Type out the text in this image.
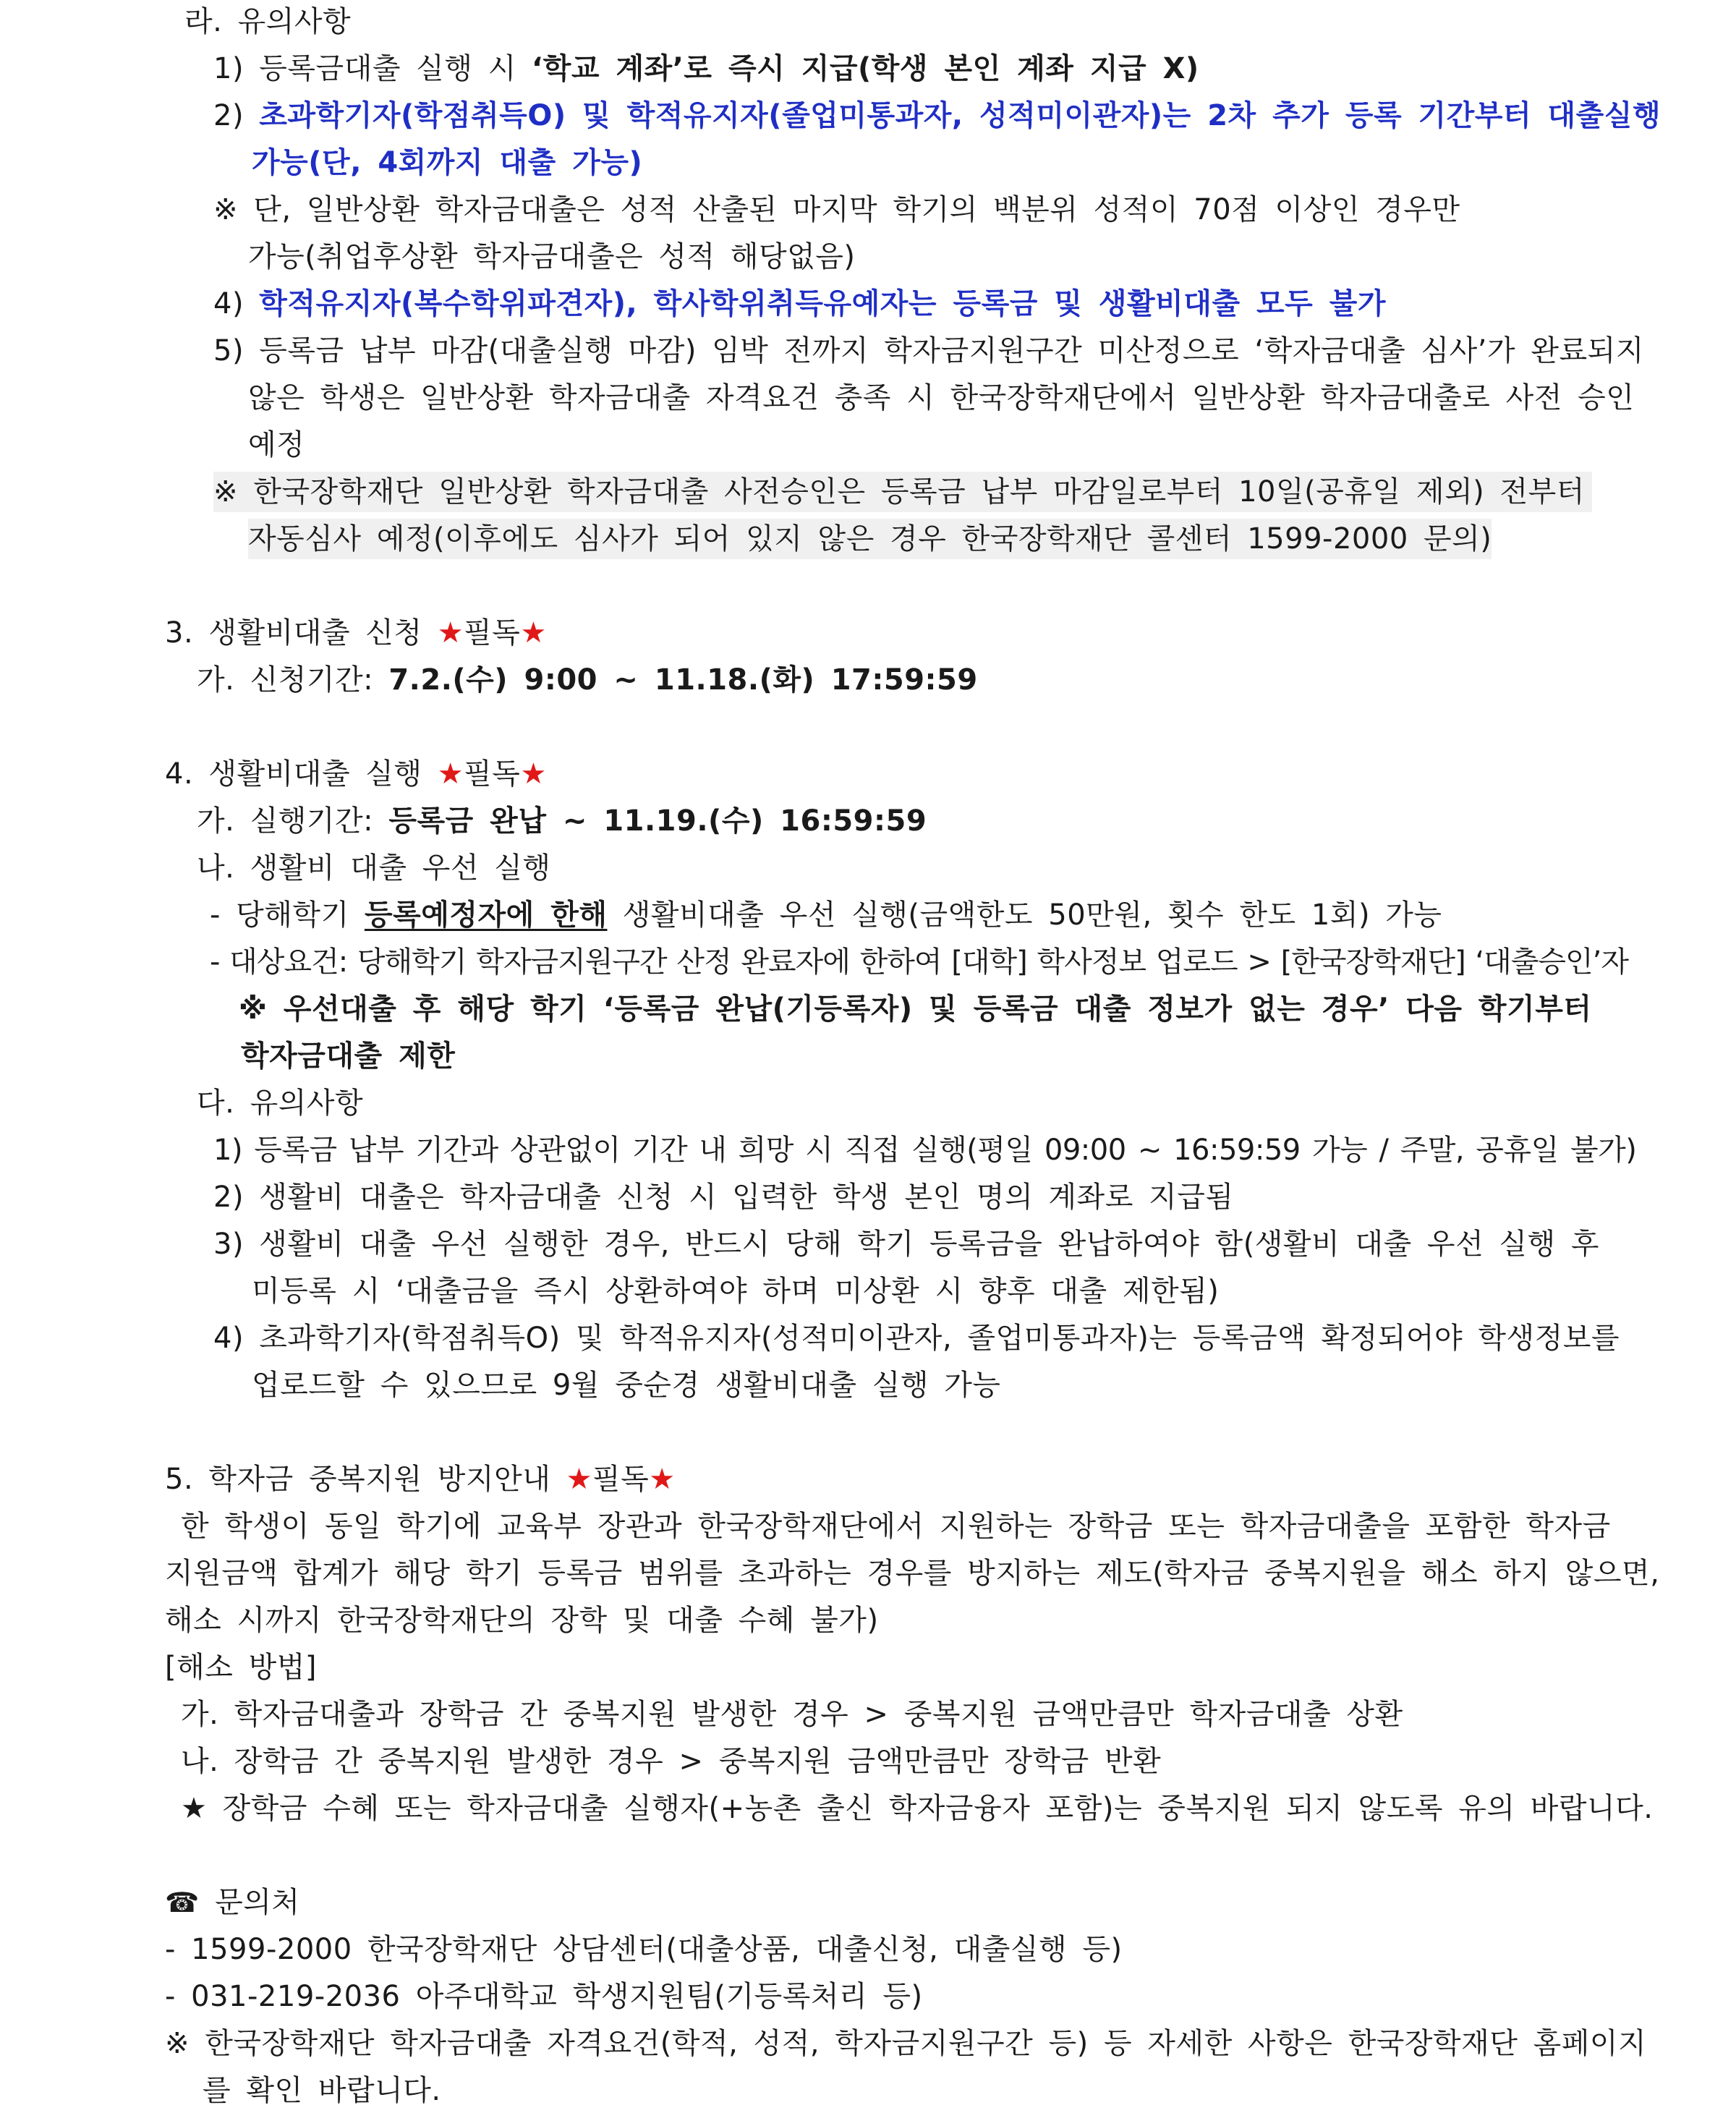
라. 유의사항
1) 등록금대출 실행 시 ‘학교 계좌’로 즉시 지급(학생 본인 계좌 지급 X)
2) 초과학기자(학점취득O) 및 학적유지자(졸업미통과자, 성적미이관자)는 2차 추가 등록 기간부터 대출실행
가능(단, 4회까지 대출 가능)
※ 단, 일반상환 학자금대출은 성적 산출된 마지막 학기의 백분위 성적이 70점 이상인 경우만
가능(취업후상환 학자금대출은 성적 해당없음)
4) 학적유지자(복수학위파견자), 학사학위취득유예자는 등록금 및 생활비대출 모두 불가
5) 등록금 납부 마감(대출실행 마감) 임박 전까지 학자금지원구간 미산정으로 ‘학자금대출 심사’가 완료되지
않은 학생은 일반상환 학자금대출 자격요건 충족 시 한국장학재단에서 일반상환 학자금대출로 사전 승인
예정
※ 한국장학재단 일반상환 학자금대출 사전승인은 등록금 납부 마감일로부터 10일(공휴일 제외) 전부터
자동심사 예정(이후에도 심사가 되어 있지 않은 경우 한국장학재단 콜센터 1599-2000 문의)
3. 생활비대출 신청 ★필독★
가. 신청기간: 7.2.(수) 9:00 ~ 11.18.(화) 17:59:59
4. 생활비대출 실행 ★필독★
가. 실행기간: 등록금 완납 ~ 11.19.(수) 16:59:59
나. 생활비 대출 우선 실행
- 당해학기 등록예정자에 한해 생활비대출 우선 실행(금액한도 50만원, 횟수 한도 1회) 가능
- 대상요건: 당해학기 학자금지원구간 산정 완료자에 한하여 [대학] 학사정보 업로드 > [한국장학재단] ‘대출승인’자
※ 우선대출 후 해당 학기 ‘등록금 완납(기등록자) 및 등록금 대출 정보가 없는 경우’ 다음 학기부터
학자금대출 제한
다. 유의사항
1) 등록금 납부 기간과 상관없이 기간 내 희망 시 직접 실행(평일 09:00 ~ 16:59:59 가능 / 주말, 공휴일 불가)
2) 생활비 대출은 학자금대출 신청 시 입력한 학생 본인 명의 계좌로 지급됨
3) 생활비 대출 우선 실행한 경우, 반드시 당해 학기 등록금을 완납하여야 함(생활비 대출 우선 실행 후
미등록 시 ‘대출금을 즉시 상환하여야 하며 미상환 시 향후 대출 제한됨)
4) 초과학기자(학점취득O) 및 학적유지자(성적미이관자, 졸업미통과자)는 등록금액 확정되어야 학생정보를
업로드할 수 있으므로 9월 중순경 생활비대출 실행 가능
5. 학자금 중복지원 방지안내 ★필독★
한 학생이 동일 학기에 교육부 장관과 한국장학재단에서 지원하는 장학금 또는 학자금대출을 포함한 학자금
지원금액 합계가 해당 학기 등록금 범위를 초과하는 경우를 방지하는 제도(학자금 중복지원을 해소 하지 않으면,
해소 시까지 한국장학재단의 장학 및 대출 수혜 불가)
[해소 방법]
가. 학자금대출과 장학금 간 중복지원 발생한 경우 > 중복지원 금액만큼만 학자금대출 상환
나. 장학금 간 중복지원 발생한 경우 > 중복지원 금액만큼만 장학금 반환
★ 장학금 수혜 또는 학자금대출 실행자(+농촌 출신 학자금융자 포함)는 중복지원 되지 않도록 유의 바랍니다.
☎ 문의처
- 1599-2000 한국장학재단 상담센터(대출상품, 대출신청, 대출실행 등)
- 031-219-2036 아주대학교 학생지원팀(기등록처리 등)
※ 한국장학재단 학자금대출 자격요건(학적, 성적, 학자금지원구간 등) 등 자세한 사항은 한국장학재단 홈페이지
를 확인 바랍니다.
